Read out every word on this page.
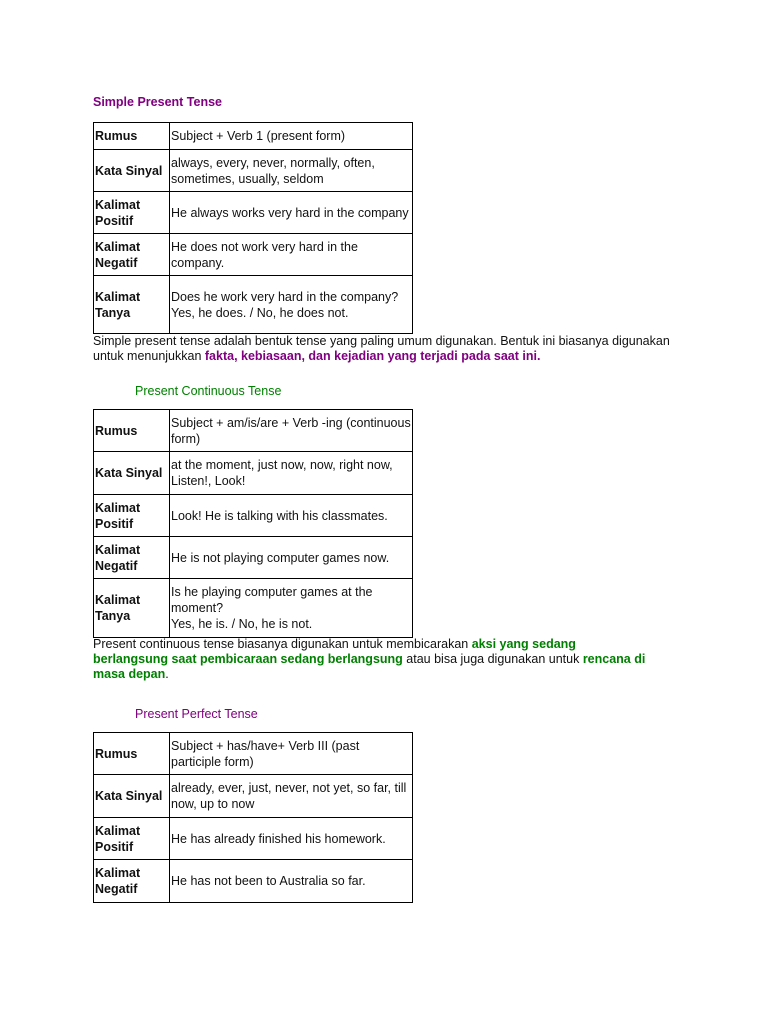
Simple Present Tense
Rumus	Subject + Verb 1 (present form)
Kata Sinyal	always, every, never, normally, often, sometimes, usually, seldom
Kalimat Positif	He always works very hard in the company
Kalimat Negatif	He does not work very hard in the company.
Kalimat Tanya	Does he work very hard in the company?
Yes, he does. / No, he does not.
Simple present tense adalah bentuk tense yang paling umum digunakan. Bentuk ini biasanya digunakan untuk menunjukkan fakta, kebiasaan, dan kejadian yang terjadi pada saat ini.
Present Continuous Tense
Rumus	Subject + am/is/are + Verb -ing (continuous form)
Kata Sinyal	at the moment, just now, now, right now, Listen!, Look!
Kalimat Positif	Look! He is talking with his classmates.
Kalimat Negatif	He is not playing computer games now.
Kalimat Tanya	Is he playing computer games at the moment?
Yes, he is. / No, he is not.
Present continuous tense biasanya digunakan untuk membicarakan aksi yang sedang berlangsung saat pembicaraan sedang berlangsung atau bisa juga digunakan untuk rencana di masa depan.
Present Perfect Tense
Rumus	Subject + has/have+ Verb III (past participle form)
Kata Sinyal	already, ever, just, never, not yet, so far, till now, up to now
Kalimat Positif	He has already finished his homework.
Kalimat Negatif	He has not been to Australia so far.
